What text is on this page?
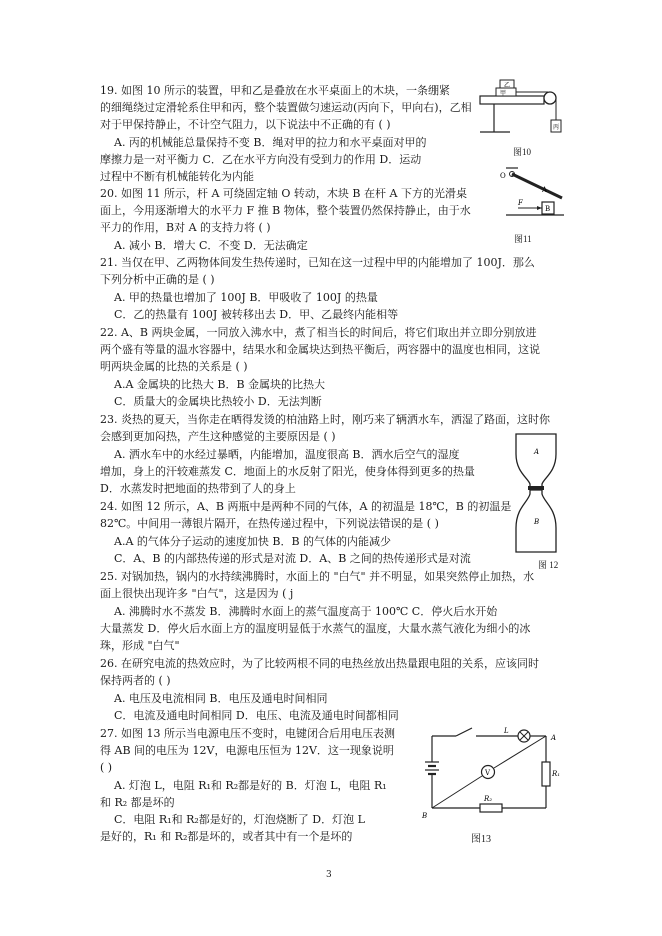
19. 如图 10 所示的装置，甲和乙是叠放在水平桌面上的木块，一条绷紧
的细绳绕过定滑轮系住甲和丙，整个装置做匀速运动(丙向下，甲向右)，乙相
对于甲保持静止，不计空气阻力，以下说法中不正确的有 ( )
A. 丙的机械能总量保持不变 B．绳对甲的拉力和水平桌面对甲的
摩擦力是一对平衡力 C．乙在水平方向没有受到力的作用 D．运动
过程中不断有机械能转化为内能
乙
甲
丙
图10
20. 如图 11 所示，杆 A 可绕固定轴 O 转动，木块 B 在杆 A 下方的光滑桌
面上，今用逐渐增大的水平力 F 推 B 物体，整个装置仍然保持静止，由于水
平力的作用，B对 A 的支持力将 ( )
A. 减小 B．增大 C．不变 D．无法确定
O
A
F
B
图11
21. 当仅在甲、乙两物体间发生热传递时，已知在这一过程中甲的内能增加了 100J．那么
下列分析中正确的是 ( )
A. 甲的热量也增加了 100J B．甲吸收了 100J 的热量
C．乙的热量有 100J 被转移出去 D．甲、乙最终内能相等
22. A、B 两块金属，一同放入沸水中，煮了相当长的时间后，将它们取出并立即分别放进
两个盛有等量的温水容器中，结果水和金属块达到热平衡后，两容器中的温度也相同，这说
明两块金属的比热的关系是 ( )
A.A 金属块的比热大 B．B 金属块的比热大
C．质量大的金属块比热较小 D．无法判断
23. 炎热的夏天，当你走在晒得发烫的柏油路上时，刚巧来了辆洒水车，洒湿了路面，这时你
会感到更加闷热，产生这种感觉的主要原因是 ( )
A. 洒水车中的水经过暴晒，内能增加，温度很高 B．洒水后空气的湿度
增加，身上的汗较难蒸发 C．地面上的水反射了阳光，使身体得到更多的热量
D．水蒸发时把地面的热带到了人的身上
A
B
图 12
24. 如图 12 所示，A、B 两瓶中是两种不同的气体，A 的初温是 18℃，B 的初温是
82℃。中间用一薄银片隔开，在热传递过程中，下列说法错误的是 ( )
A.A 的气体分子运动的速度加快 B．B 的气体的内能减少
C．A、B 的内部热传递的形式是对流 D．A、B 之间的热传递形式是对流
25. 对锅加热，锅内的水持续沸腾时，水面上的 "白气" 并不明显，如果突然停止加热，水
面上很快出现许多 "白气"，这是因为 ( j
A. 沸腾时水不蒸发 B．沸腾时水面上的蒸气温度高于 100℃ C．停火后水开始
大量蒸发 D．停火后水面上方的温度明显低于水蒸气的温度，大量水蒸气液化为细小的冰
珠，形成 "白气"
26. 在研究电流的热效应时，为了比较两根不同的电热丝放出热量跟电阻的关系，应该同时
保持两者的 ( )
A. 电压及电流相同 B．电压及通电时间相同
C．电流及通电时间相同 D．电压、电流及通电时间都相同
27. 如图 13 所示当电源电压不变时，电键闭合后用电压表测
得 AB 间的电压为 12V，电源电压恒为 12V．这一现象说明
( )
A. 灯泡 L，电阻 R₁和 R₂都是好的 B．灯泡 L，电阻 R₁
和 R₂ 都是坏的
C．电阻 R₁和 R₂都是好的，灯泡烧断了 D．灯泡 L
是好的，R₁ 和 R₂都是坏的，或者其中有一个是坏的
L
A
B
V	R₁
R₂
图13
3
